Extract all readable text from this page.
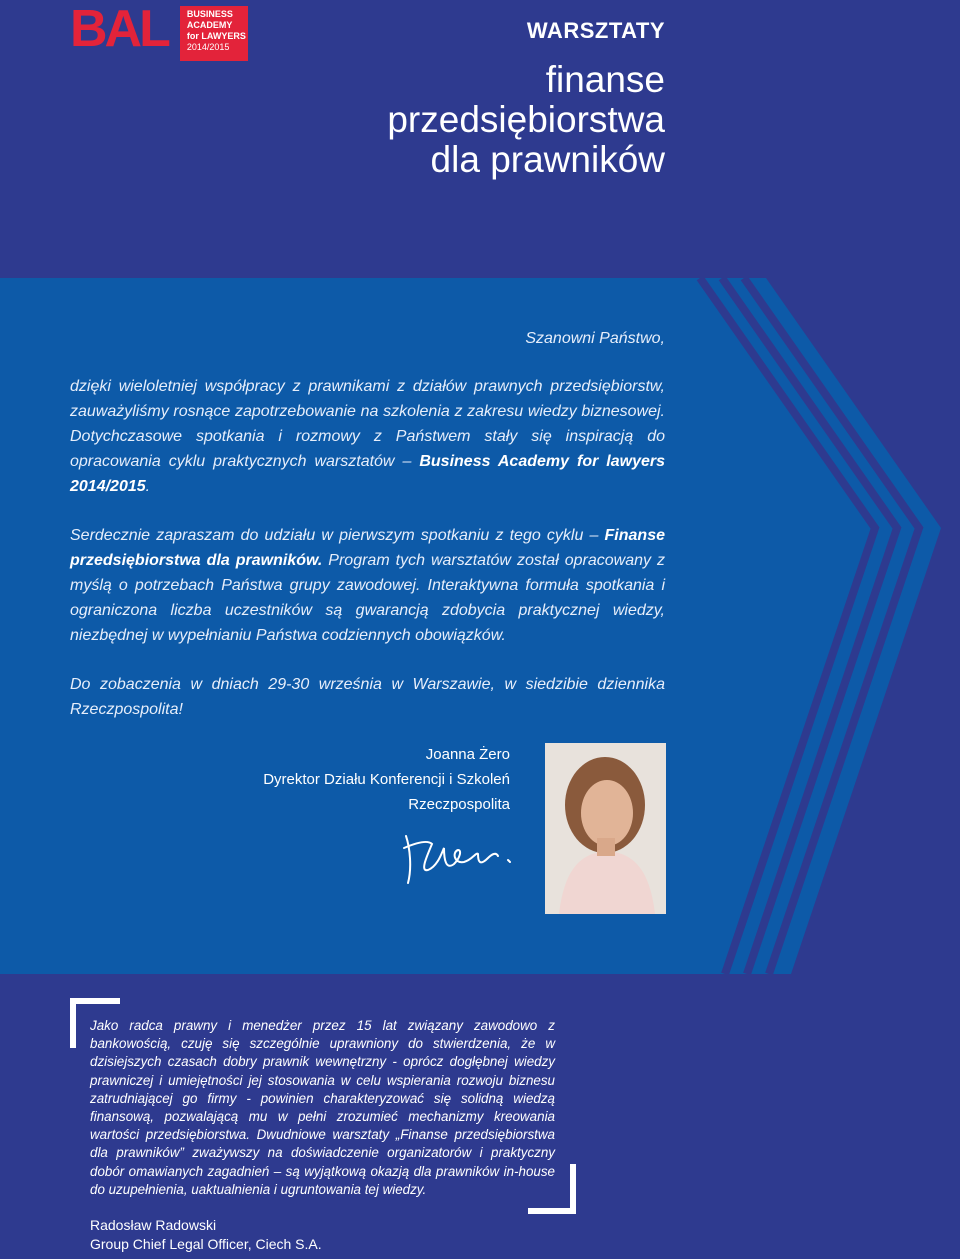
BAL BUSINESS
ACADEMY
for LAWYERS
2014/2015
WARSZTATY
finanse
przedsiębiorstwa
dla prawników
Szanowni Państwo,

dzięki wieloletniej współpracy z prawnikami z działów prawnych przedsiębiorstw, zauważyliśmy rosnące zapotrzebowanie na szkolenia z zakresu wiedzy biznesowej. Dotychczasowe spotkania i rozmowy z Państwem stały się inspiracją do opracowania cyklu praktycznych warsztatów – Business Academy for lawyers 2014/2015.

Serdecznie zapraszam do udziału w pierwszym spotkaniu z tego cyklu – Finanse przedsiębiorstwa dla prawników. Program tych warsztatów został opracowany z myślą o potrzebach Państwa grupy zawodowej. Interaktywna formuła spotkania i ograniczona liczba uczestników są gwarancją zdobycia praktycznej wiedzy, niezbędnej w wypełnianiu Państwa codziennych obowiązków.

Do zobaczenia w dniach 29-30 września w Warszawie, w siedzibie dziennika Rzeczpospolita!

Joanna Żero
Dyrektor Działu Konferencji i Szkoleń
Rzeczpospolita

Jako radca prawny i menedżer przez 15 lat związany zawodowo z bankowością, czuję się szczególnie uprawniony do stwierdzenia, że w dzisiejszych czasach dobry prawnik wewnętrzny - oprócz dogłębnej wiedzy prawniczej i umiejętności jej stosowania w celu wspierania rozwoju biznesu zatrudniającej go firmy - powinien charakteryzować się solidną wiedzą finansową, pozwalającą mu w pełni zrozumieć mechanizmy kreowania wartości przedsiębiorstwa. Dwudniowe warsztaty „Finanse przedsiębiorstwa dla prawników” zważywszy na doświadczenie organizatorów i praktyczny dobór omawianych zagadnień – są wyjątkową okazją dla prawników in-house do uzupełnienia, uaktualnienia i ugruntowania tej wiedzy.

Radosław Radowski
Group Chief Legal Officer, Ciech S.A.
